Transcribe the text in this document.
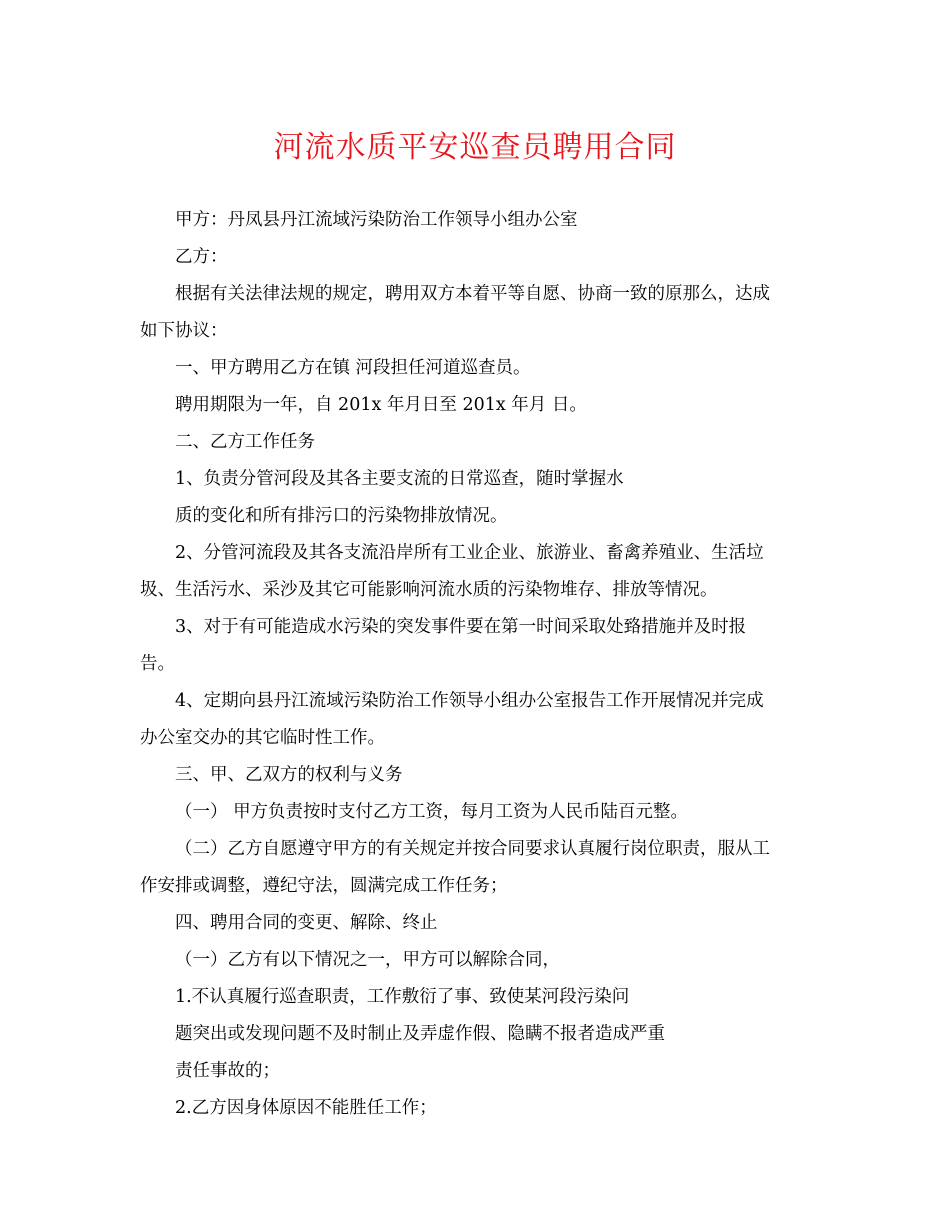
河流水质平安巡查员聘用合同

甲方：丹凤县丹江流域污染防治工作领导小组办公室

乙方：

根据有关法律法规的规定，聘用双方本着平等自愿、协商一致的原那么，达成

如下协议：

一、甲方聘用乙方在镇 河段担任河道巡查员。

聘用期限为一年，自 201x 年月日至 201x 年月 日。

二、乙方工作任务

1、负责分管河段及其各主要支流的日常巡查，随时掌握水

质的变化和所有排污口的污染物排放情况。

2、分管河流段及其各支流沿岸所有工业企业、旅游业、畜禽养殖业、生活垃

圾、生活污水、采沙及其它可能影响河流水质的污染物堆存、排放等情况。

3、对于有可能造成水污染的突发事件要在第一时间采取处臵措施并及时报

告。

4、定期向县丹江流域污染防治工作领导小组办公室报告工作开展情况并完成

办公室交办的其它临时性工作。

三、甲、乙双方的权利与义务

（一） 甲方负责按时支付乙方工资，每月工资为人民币陆百元整。

（二）乙方自愿遵守甲方的有关规定并按合同要求认真履行岗位职责，服从工

作安排或调整，遵纪守法，圆满完成工作任务；

四、聘用合同的变更、解除、终止

（一）乙方有以下情况之一，甲方可以解除合同，

1.不认真履行巡查职责，工作敷衍了事、致使某河段污染问

题突出或发现问题不及时制止及弄虚作假、隐瞒不报者造成严重

责任事故的；

2.乙方因身体原因不能胜任工作；
